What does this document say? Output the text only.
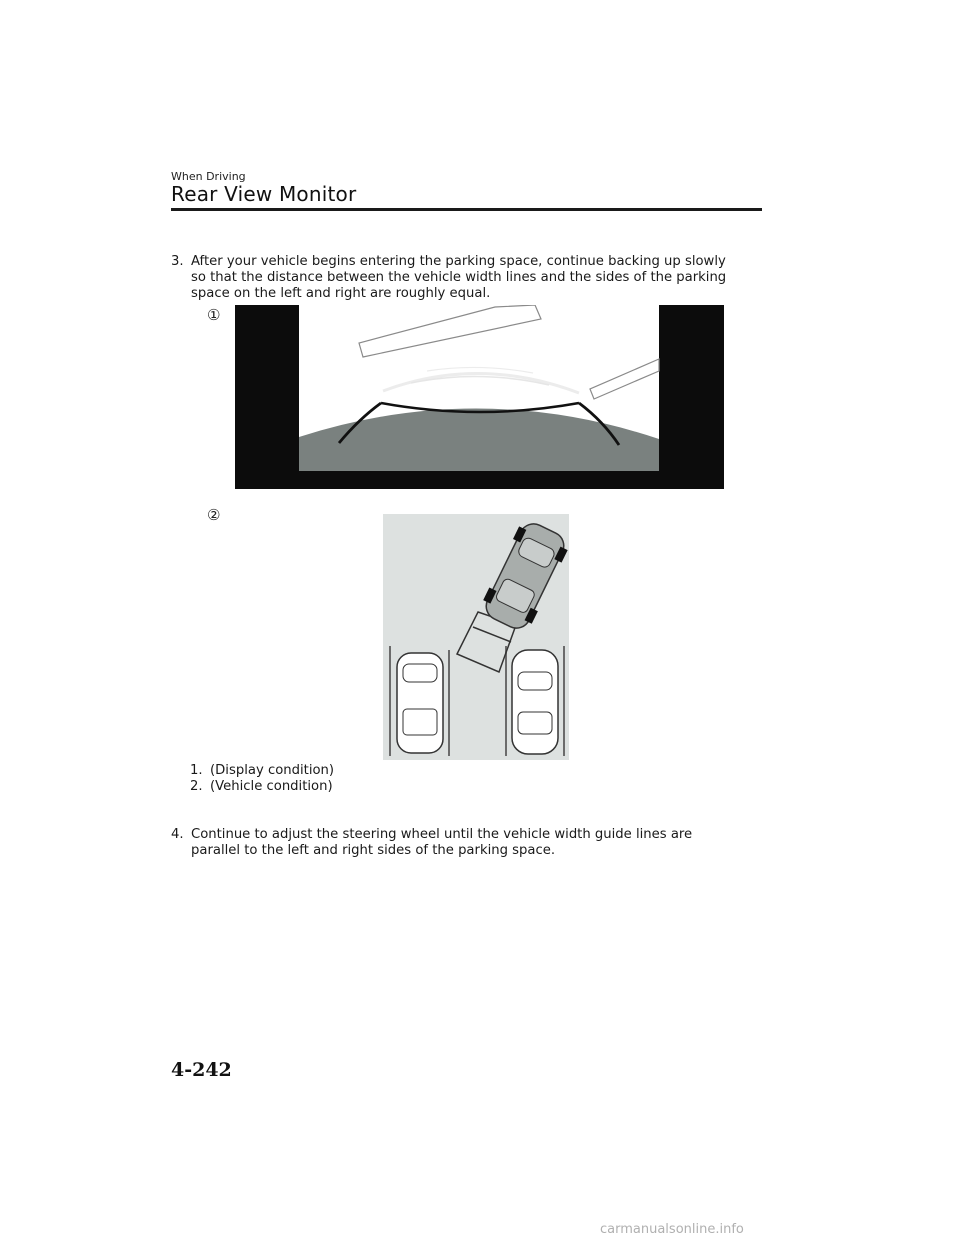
When Driving
Rear View Monitor
3. After your vehicle begins entering the parking space, continue backing up slowly
so that the distance between the vehicle width lines and the sides of the parking
space on the left and right are roughly equal.
①
②
1. (Display condition)
2. (Vehicle condition)
4. Continue to adjust the steering wheel until the vehicle width guide lines are
parallel to the left and right sides of the parking space.
4-242
carmanualsonline.info
